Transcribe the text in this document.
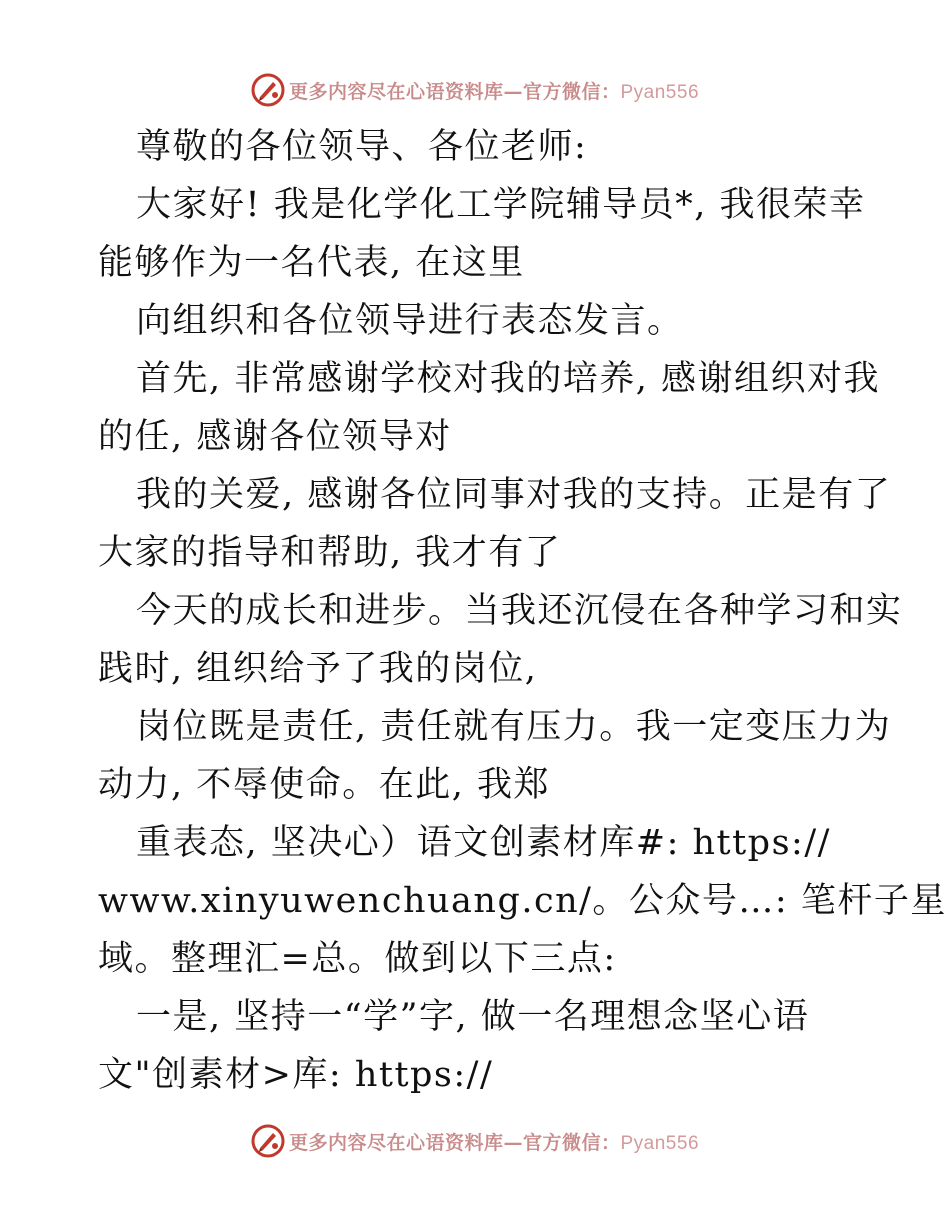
更多内容尽在心语资料库—官方微信：Pyan556
尊敬的各位领导、各位老师:
大家好! 我是化学化工学院辅导员*, 我很荣幸
能够作为一名代表, 在这里
向组织和各位领导进行表态发言。
首先, 非常感谢学校对我的培养, 感谢组织对我
的任, 感谢各位领导对
我的关爱, 感谢各位同事对我的支持。正是有了
大家的指导和帮助, 我才有了
今天的成长和进步。当我还沉侵在各种学习和实
践时, 组织给予了我的岗位,
岗位既是责任, 责任就有压力。我一定变压力为
动力, 不辱使命。在此, 我郑
重表态, 坚决心）语文创素材库#: https://
www.xinyuwenchuang.cn/。公众号…: 笔杆子星
域。整理汇=总。做到以下三点:
一是, 坚持一“学”字, 做一名理想念坚心语
文"创素材>库: https://
更多内容尽在心语资料库—官方微信：Pyan556
